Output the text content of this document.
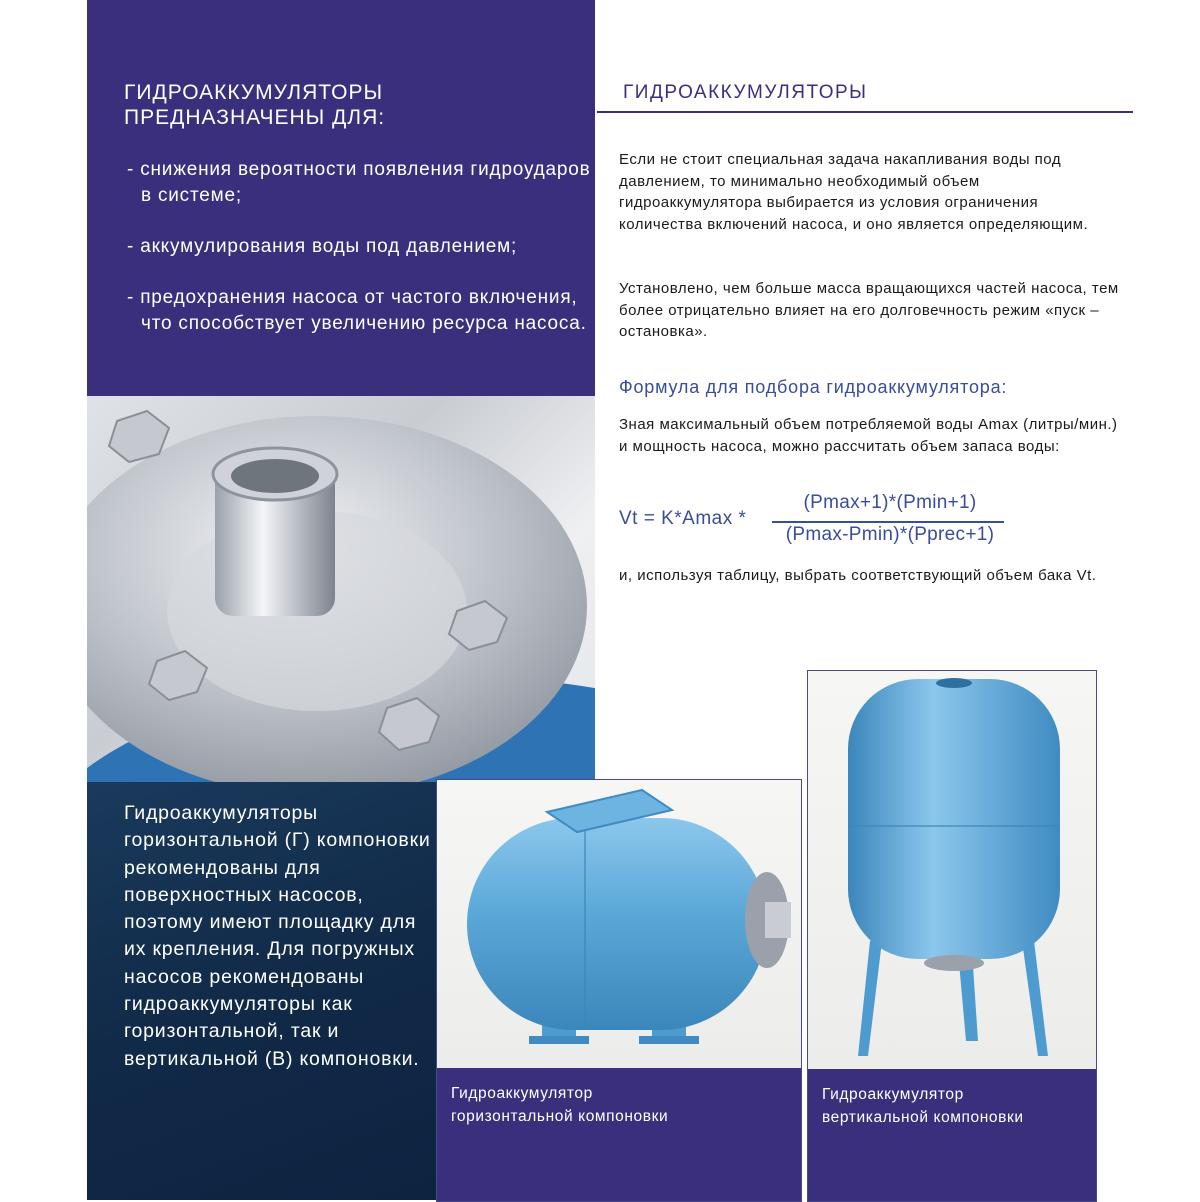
ГИДРОАККУМУЛЯТОРЫ
ПРЕДНАЗНАЧЕНЫ ДЛЯ:
- снижения вероятности появления гидроударов в системе;
- аккумулирования воды под давлением;
- предохранения насоса от частого включения, что способствует увеличению ресурса насоса.
Гидроаккумуляторы горизонтальной (Г) компоновки рекомендованы для поверхностных насосов, поэтому имеют площадку для их крепления. Для погружных насосов рекомендованы гидроаккумуляторы как горизонтальной, так и вертикальной (В) компоновки.
ГИДРОАККУМУЛЯТОРЫ
Если не стоит специальная задача накапливания воды под давлением, то минимально необходимый объем гидроаккумулятора выбирается из условия ограничения количества включений насоса, и оно является определяющим.
Установлено, чем больше масса вращающихся частей насоса, тем более отрицательно влияет на его долговечность режим «пуск – остановка».
Формула для подбора гидроаккумулятора:
Зная максимальный объем потребляемой воды Amax (литры/мин.) и мощность насоса, можно рассчитать объем запаса воды:
Vt = K*Amax *
(Pmax+1)*(Pmin+1)
(Pmax-Pmin)*(Pprec+1)
и, используя таблицу, выбрать соответствующий объем бака Vt.
Гидроаккумулятор
горизонтальной компоновки
Гидроаккумулятор
вертикальной компоновки
